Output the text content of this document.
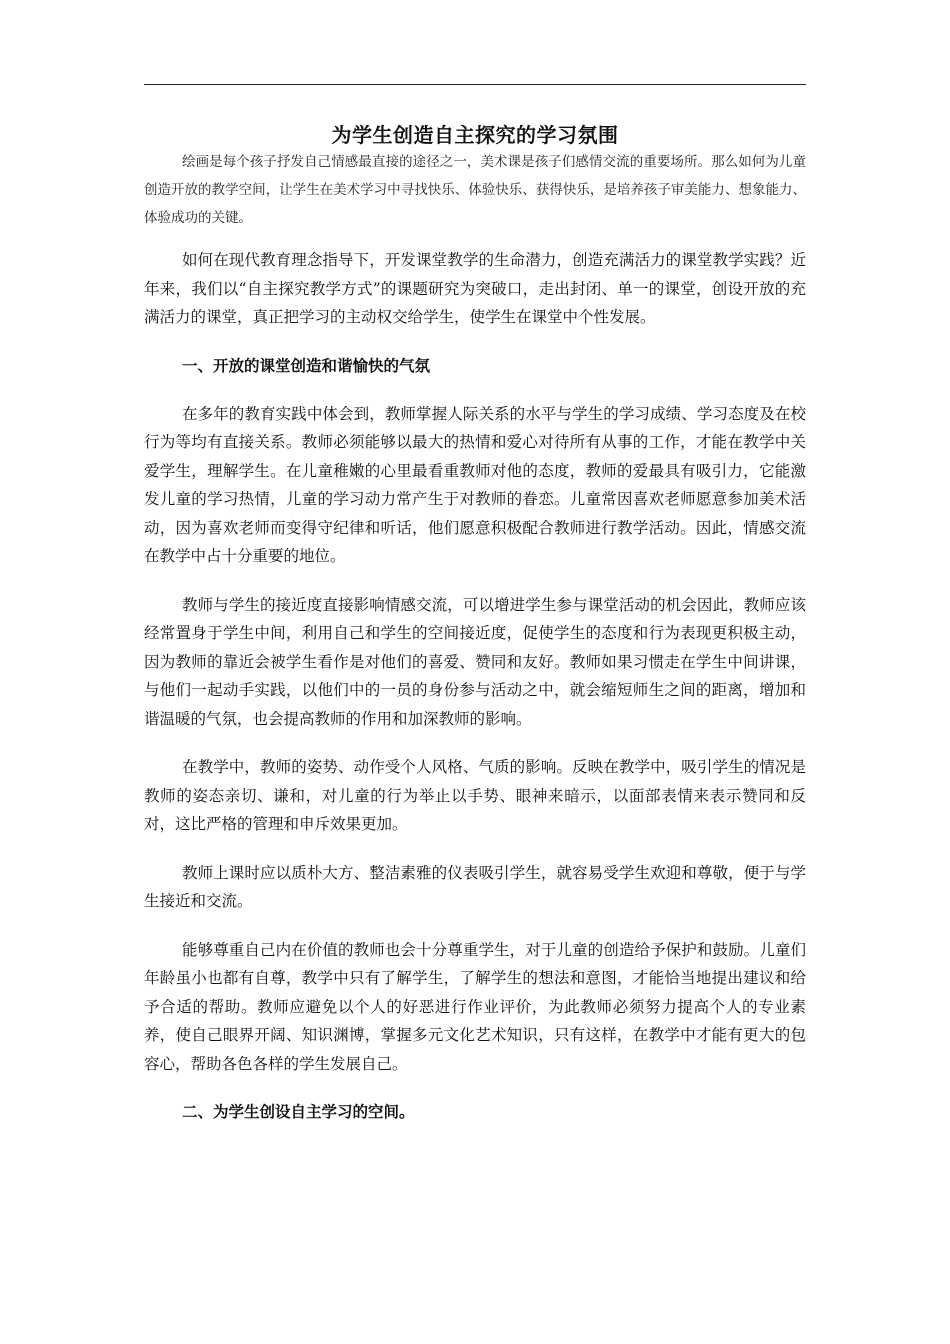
为学生创造自主探究的学习氛围

绘画是每个孩子抒发自己情感最直接的途径之一，美术课是孩子们感情交流的重要场所。那么如何为儿童创造开放的教学空间，让学生在美术学习中寻找快乐、体验快乐、获得快乐，是培养孩子审美能力、想象能力、体验成功的关键。

如何在现代教育理念指导下，开发课堂教学的生命潜力，创造充满活力的课堂教学实践？近年来，我们以“自主探究教学方式”的课题研究为突破口，走出封闭、单一的课堂，创设开放的充满活力的课堂，真正把学习的主动权交给学生，使学生在课堂中个性发展。

一、开放的课堂创造和谐愉快的气氛

在多年的教育实践中体会到，教师掌握人际关系的水平与学生的学习成绩、学习态度及在校行为等均有直接关系。教师必须能够以最大的热情和爱心对待所有从事的工作，才能在教学中关爱学生，理解学生。在儿童稚嫩的心里最看重教师对他的态度，教师的爱最具有吸引力，它能激发儿童的学习热情，儿童的学习动力常产生于对教师的眷恋。儿童常因喜欢老师愿意参加美术活动，因为喜欢老师而变得守纪律和听话，他们愿意积极配合教师进行教学活动。因此，情感交流在教学中占十分重要的地位。

教师与学生的接近度直接影响情感交流，可以增进学生参与课堂活动的机会因此，教师应该经常置身于学生中间，利用自己和学生的空间接近度，促使学生的态度和行为表现更积极主动，因为教师的靠近会被学生看作是对他们的喜爱、赞同和友好。教师如果习惯走在学生中间讲课，与他们一起动手实践，以他们中的一员的身份参与活动之中，就会缩短师生之间的距离，增加和谐温暖的气氛，也会提高教师的作用和加深教师的影响。

在教学中，教师的姿势、动作受个人风格、气质的影响。反映在教学中，吸引学生的情况是教师的姿态亲切、谦和，对儿童的行为举止以手势、眼神来暗示，以面部表情来表示赞同和反对，这比严格的管理和申斥效果更加。

教师上课时应以质朴大方、整洁素雅的仪表吸引学生，就容易受学生欢迎和尊敬，便于与学生接近和交流。

能够尊重自己内在价值的教师也会十分尊重学生，对于儿童的创造给予保护和鼓励。儿童们年龄虽小也都有自尊，教学中只有了解学生，了解学生的想法和意图，才能恰当地提出建议和给予合适的帮助。教师应避免以个人的好恶进行作业评价，为此教师必须努力提高个人的专业素养，使自己眼界开阔、知识渊博，掌握多元文化艺术知识，只有这样，在教学中才能有更大的包容心，帮助各色各样的学生发展自己。

二、为学生创设自主学习的空间。
